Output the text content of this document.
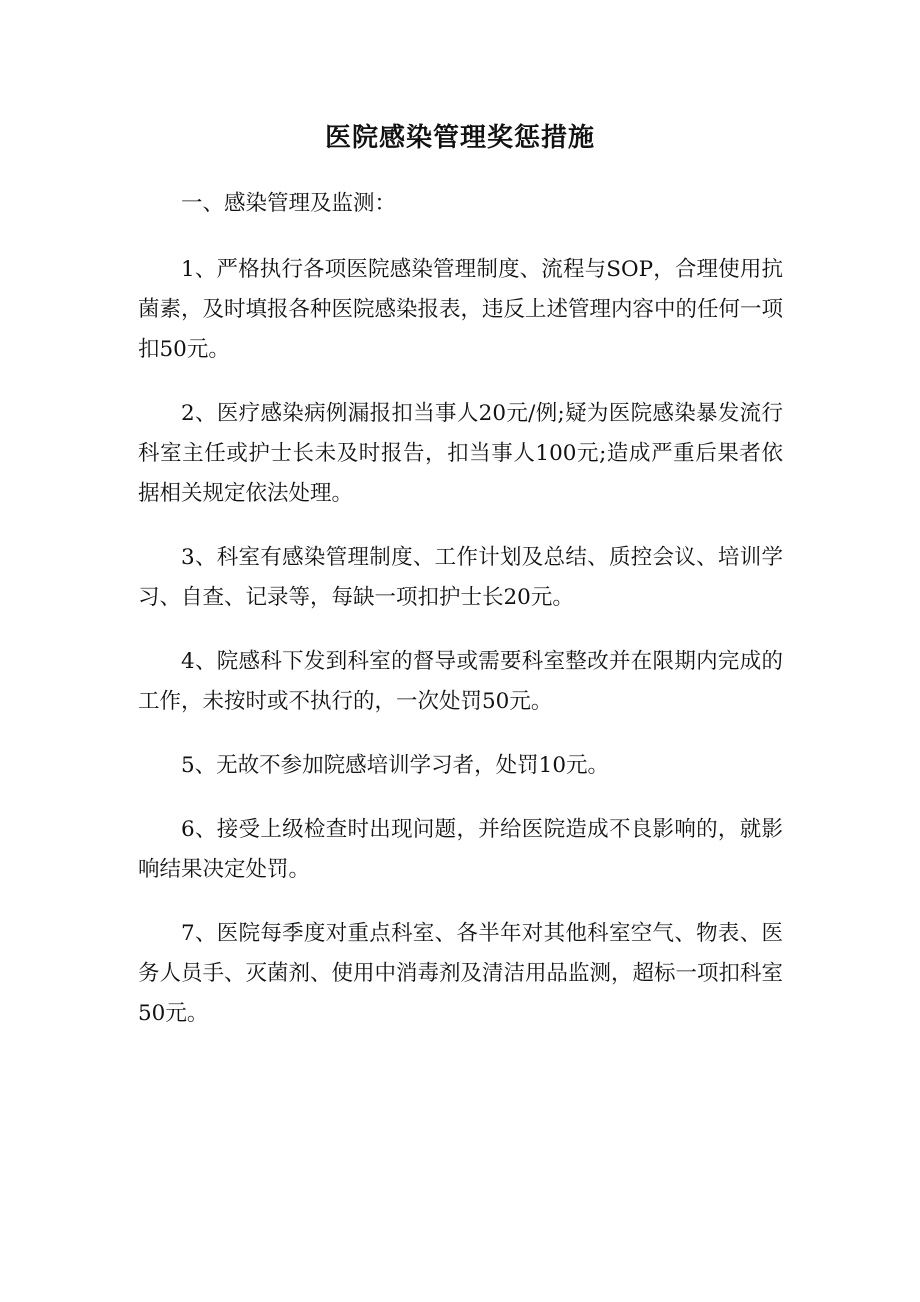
医院感染管理奖惩措施

一、感染管理及监测：

1、严格执行各项医院感染管理制度、流程与SOP，合理使用抗菌素，及时填报各种医院感染报表，违反上述管理内容中的任何一项扣50元。

2、医疗感染病例漏报扣当事人20元/例;疑为医院感染暴发流行科室主任或护士长未及时报告，扣当事人100元;造成严重后果者依据相关规定依法处理。

3、科室有感染管理制度、工作计划及总结、质控会议、培训学习、自查、记录等，每缺一项扣护士长20元。

4、院感科下发到科室的督导或需要科室整改并在限期内完成的工作，未按时或不执行的，一次处罚50元。

5、无故不参加院感培训学习者，处罚10元。

6、接受上级检查时出现问题，并给医院造成不良影响的，就影响结果决定处罚。

7、医院每季度对重点科室、各半年对其他科室空气、物表、医务人员手、灭菌剂、使用中消毒剂及清洁用品监测，超标一项扣科室50元。
